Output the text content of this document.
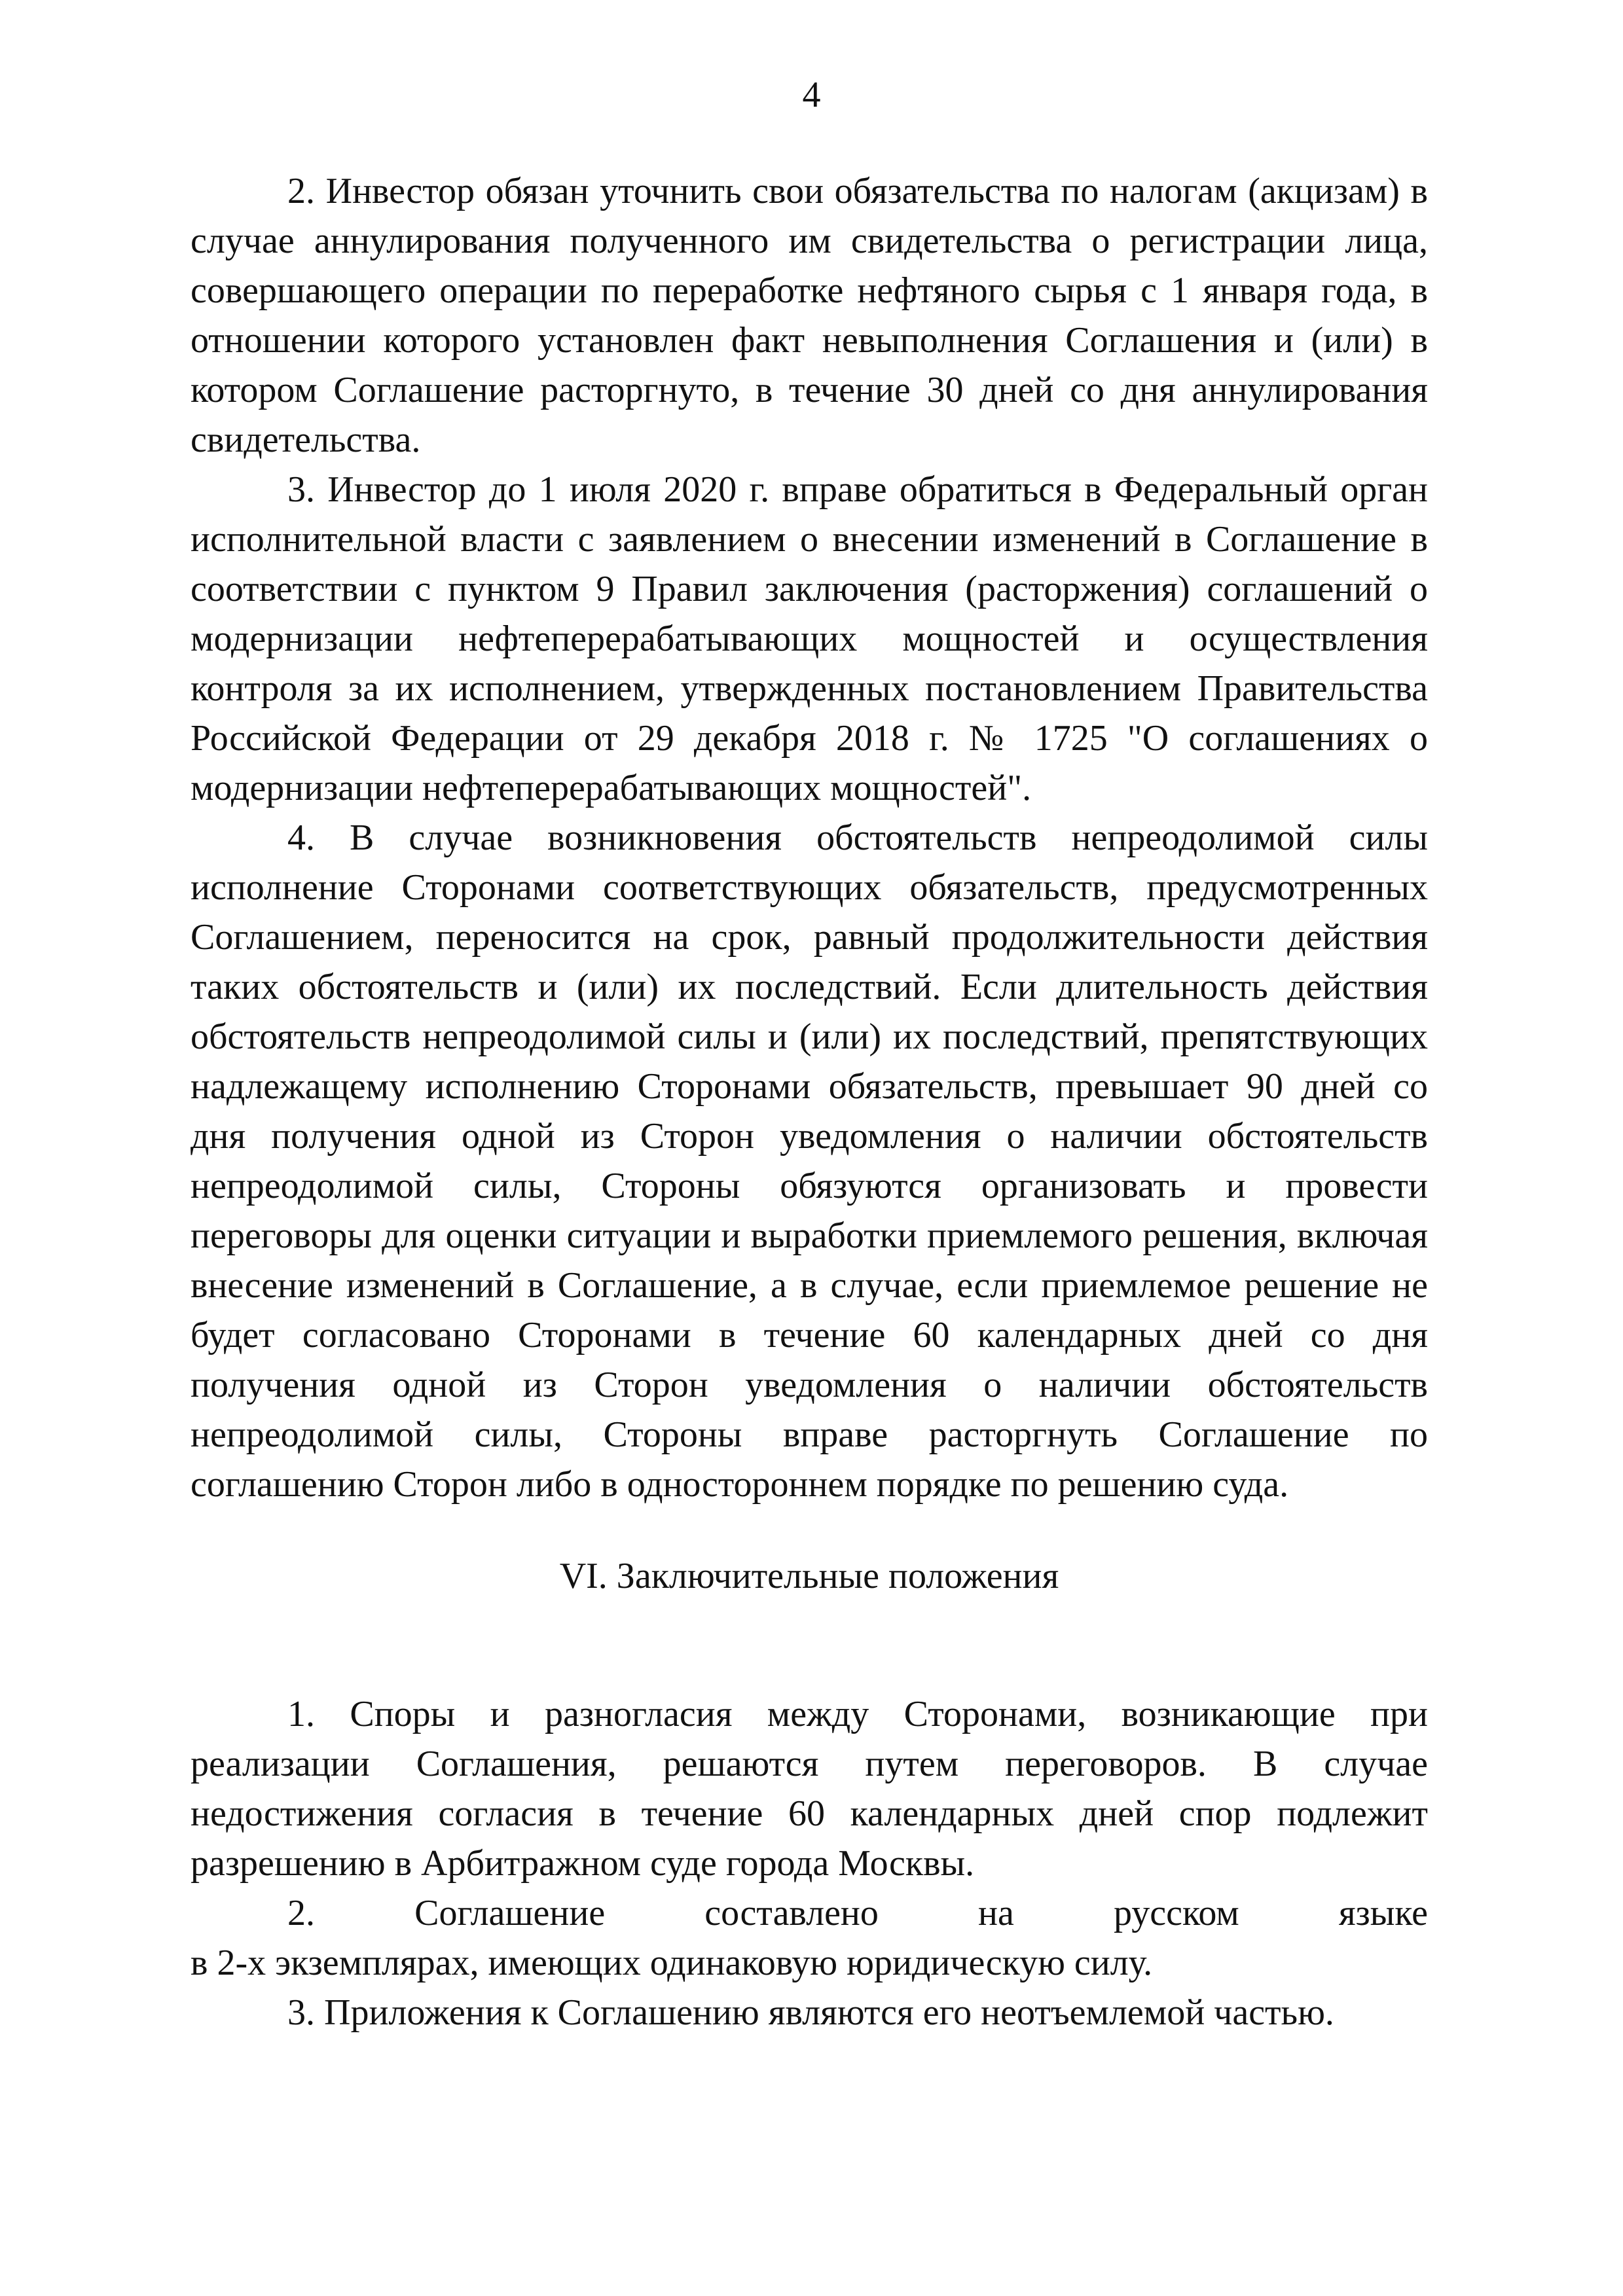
4

2. Инвестор обязан уточнить свои обязательства по налогам (акцизам) в случае аннулирования полученного им свидетельства о регистрации лица, совершающего операции по переработке нефтяного сырья с 1 января года, в отношении которого установлен факт невыполнения Соглашения и (или) в котором Соглашение расторгнуто, в течение 30 дней со дня аннулирования свидетельства.

3. Инвестор до 1 июля 2020 г. вправе обратиться в Федеральный орган исполнительной власти с заявлением о внесении изменений в Соглашение в соответствии с пунктом 9 Правил заключения (расторжения) соглашений о модернизации нефтеперерабатывающих мощностей и осуществления контроля за их исполнением, утвержденных постановлением Правительства Российской Федерации от 29 декабря 2018 г. № 1725 "О соглашениях о модернизации нефтеперерабатывающих мощностей".

4. В случае возникновения обстоятельств непреодолимой силы исполнение Сторонами соответствующих обязательств, предусмотренных Соглашением, переносится на срок, равный продолжительности действия таких обстоятельств и (или) их последствий. Если длительность действия обстоятельств непреодолимой силы и (или) их последствий, препятствующих надлежащему исполнению Сторонами обязательств, превышает 90 дней со дня получения одной из Сторон уведомления о наличии обстоятельств непреодолимой силы, Стороны обязуются организовать и провести переговоры для оценки ситуации и выработки приемлемого решения, включая внесение изменений в Соглашение, а в случае, если приемлемое решение не будет согласовано Сторонами в течение 60 календарных дней со дня получения одной из Сторон уведомления о наличии обстоятельств непреодолимой силы, Стороны вправе расторгнуть Соглашение по соглашению Сторон либо в одностороннем порядке по решению суда.

VI. Заключительные положения

1. Споры и разногласия между Сторонами, возникающие при реализации Соглашения, решаются путем переговоров. В случае недостижения согласия в течение 60 календарных дней спор подлежит разрешению в Арбитражном суде города Москвы.

2. Соглашение составлено на русском языке

в 2-х экземплярах, имеющих одинаковую юридическую силу.

3. Приложения к Соглашению являются его неотъемлемой частью.
